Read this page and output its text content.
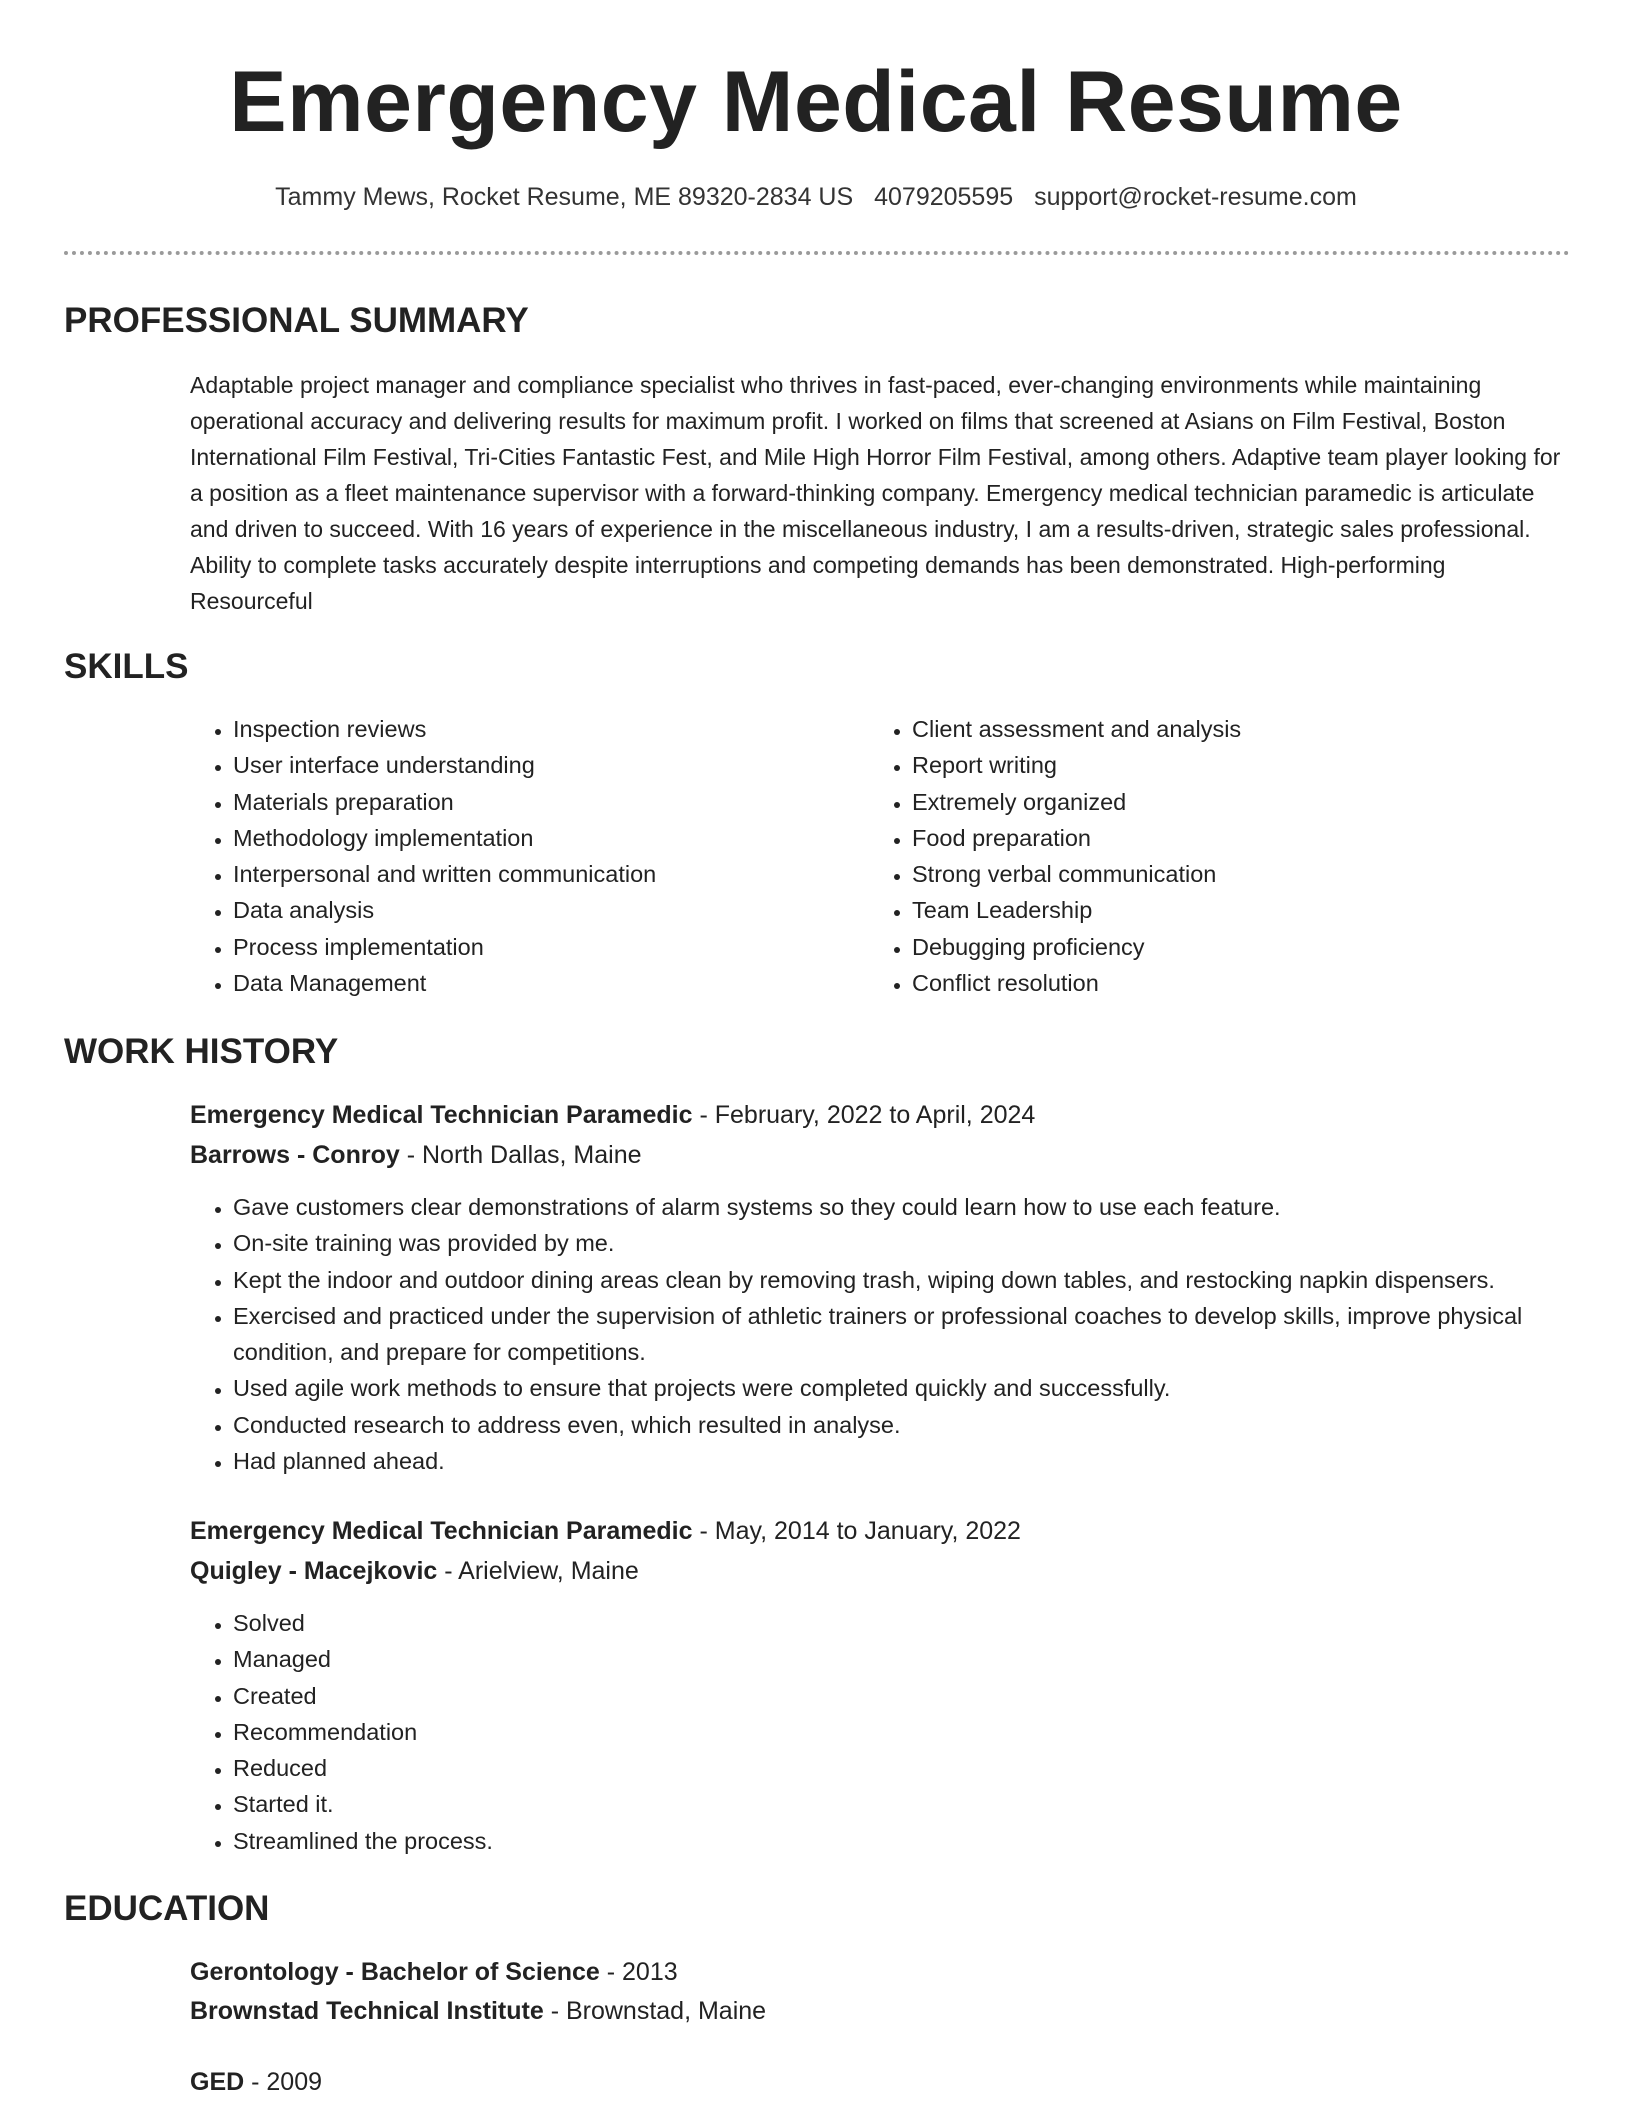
Emergency Medical Resume
Tammy Mews, Rocket Resume, ME 89320-2834 US 4079205595 support@rocket-resume.com
PROFESSIONAL SUMMARY

Adaptable project manager and compliance specialist who thrives in fast-paced, ever-changing environments while maintaining operational accuracy and delivering results for maximum profit. I worked on films that screened at Asians on Film Festival, Boston International Film Festival, Tri-Cities Fantastic Fest, and Mile High Horror Film Festival, among others. Adaptive team player looking for a position as a fleet maintenance supervisor with a forward-thinking company. Emergency medical technician paramedic is articulate and driven to succeed. With 16 years of experience in the miscellaneous industry, I am a results-driven, strategic sales professional. Ability to complete tasks accurately despite interruptions and competing demands has been demonstrated. High-performing Resourceful

SKILLS
• Inspection reviews
• User interface understanding
• Materials preparation
• Methodology implementation
• Interpersonal and written communication
• Data analysis
• Process implementation
• Data Management
• Client assessment and analysis
• Report writing
• Extremely organized
• Food preparation
• Strong verbal communication
• Team Leadership
• Debugging proficiency
• Conflict resolution
WORK HISTORY
Emergency Medical Technician Paramedic - February, 2022 to April, 2024
Barrows - Conroy - North Dallas, Maine
• Gave customers clear demonstrations of alarm systems so they could learn how to use each feature.
• On-site training was provided by me.
• Kept the indoor and outdoor dining areas clean by removing trash, wiping down tables, and restocking napkin dispensers.
• Exercised and practiced under the supervision of athletic trainers or professional coaches to develop skills, improve physical condition, and prepare for competitions.
• Used agile work methods to ensure that projects were completed quickly and successfully.
• Conducted research to address even, which resulted in analyse.
• Had planned ahead.
Emergency Medical Technician Paramedic - May, 2014 to January, 2022
Quigley - Macejkovic - Arielview, Maine
• Solved
• Managed
• Created
• Recommendation
• Reduced
• Started it.
• Streamlined the process.
EDUCATION
Gerontology - Bachelor of Science - 2013
Brownstad Technical Institute - Brownstad, Maine
GED - 2009
